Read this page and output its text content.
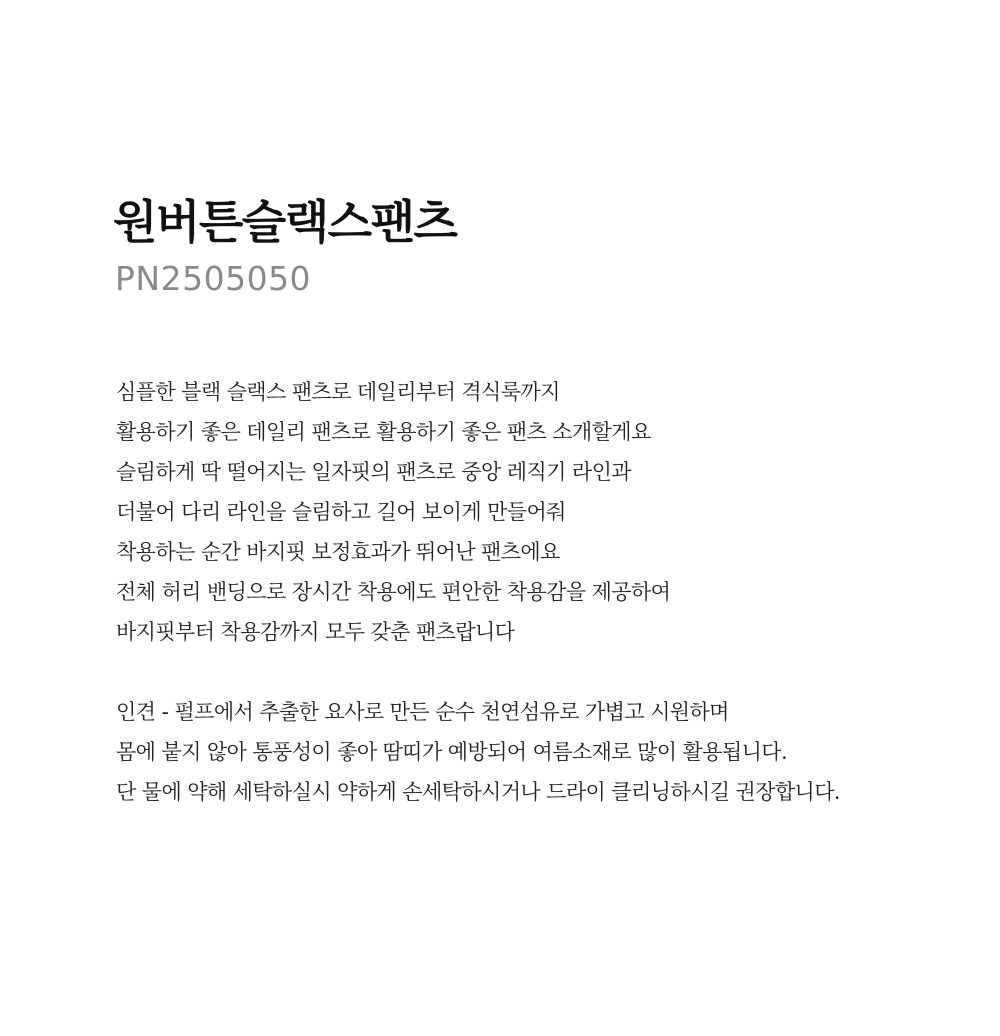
원버튼슬랙스팬츠

PN2505050

심플한 블랙 슬랙스 팬츠로 데일리부터 격식룩까지
활용하기 좋은 데일리 팬츠로 활용하기 좋은 팬츠 소개할게요
슬림하게 딱 떨어지는 일자핏의 팬츠로 중앙 레직기 라인과
더불어 다리 라인을 슬림하고 길어 보이게 만들어줘
착용하는 순간 바지핏 보정효과가 뛰어난 팬츠에요
전체 허리 밴딩으로 장시간 착용에도 편안한 착용감을 제공하여
바지핏부터 착용감까지 모두 갖춘 팬츠랍니다
인견 - 펄프에서 추출한 요사로 만든 순수 천연섬유로 가볍고 시원하며
몸에 붙지 않아 통풍성이 좋아 땀띠가 예방되어 여름소재로 많이 활용됩니다.
단 물에 약해 세탁하실시 약하게 손세탁하시거나 드라이 클리닝하시길 권장합니다.
